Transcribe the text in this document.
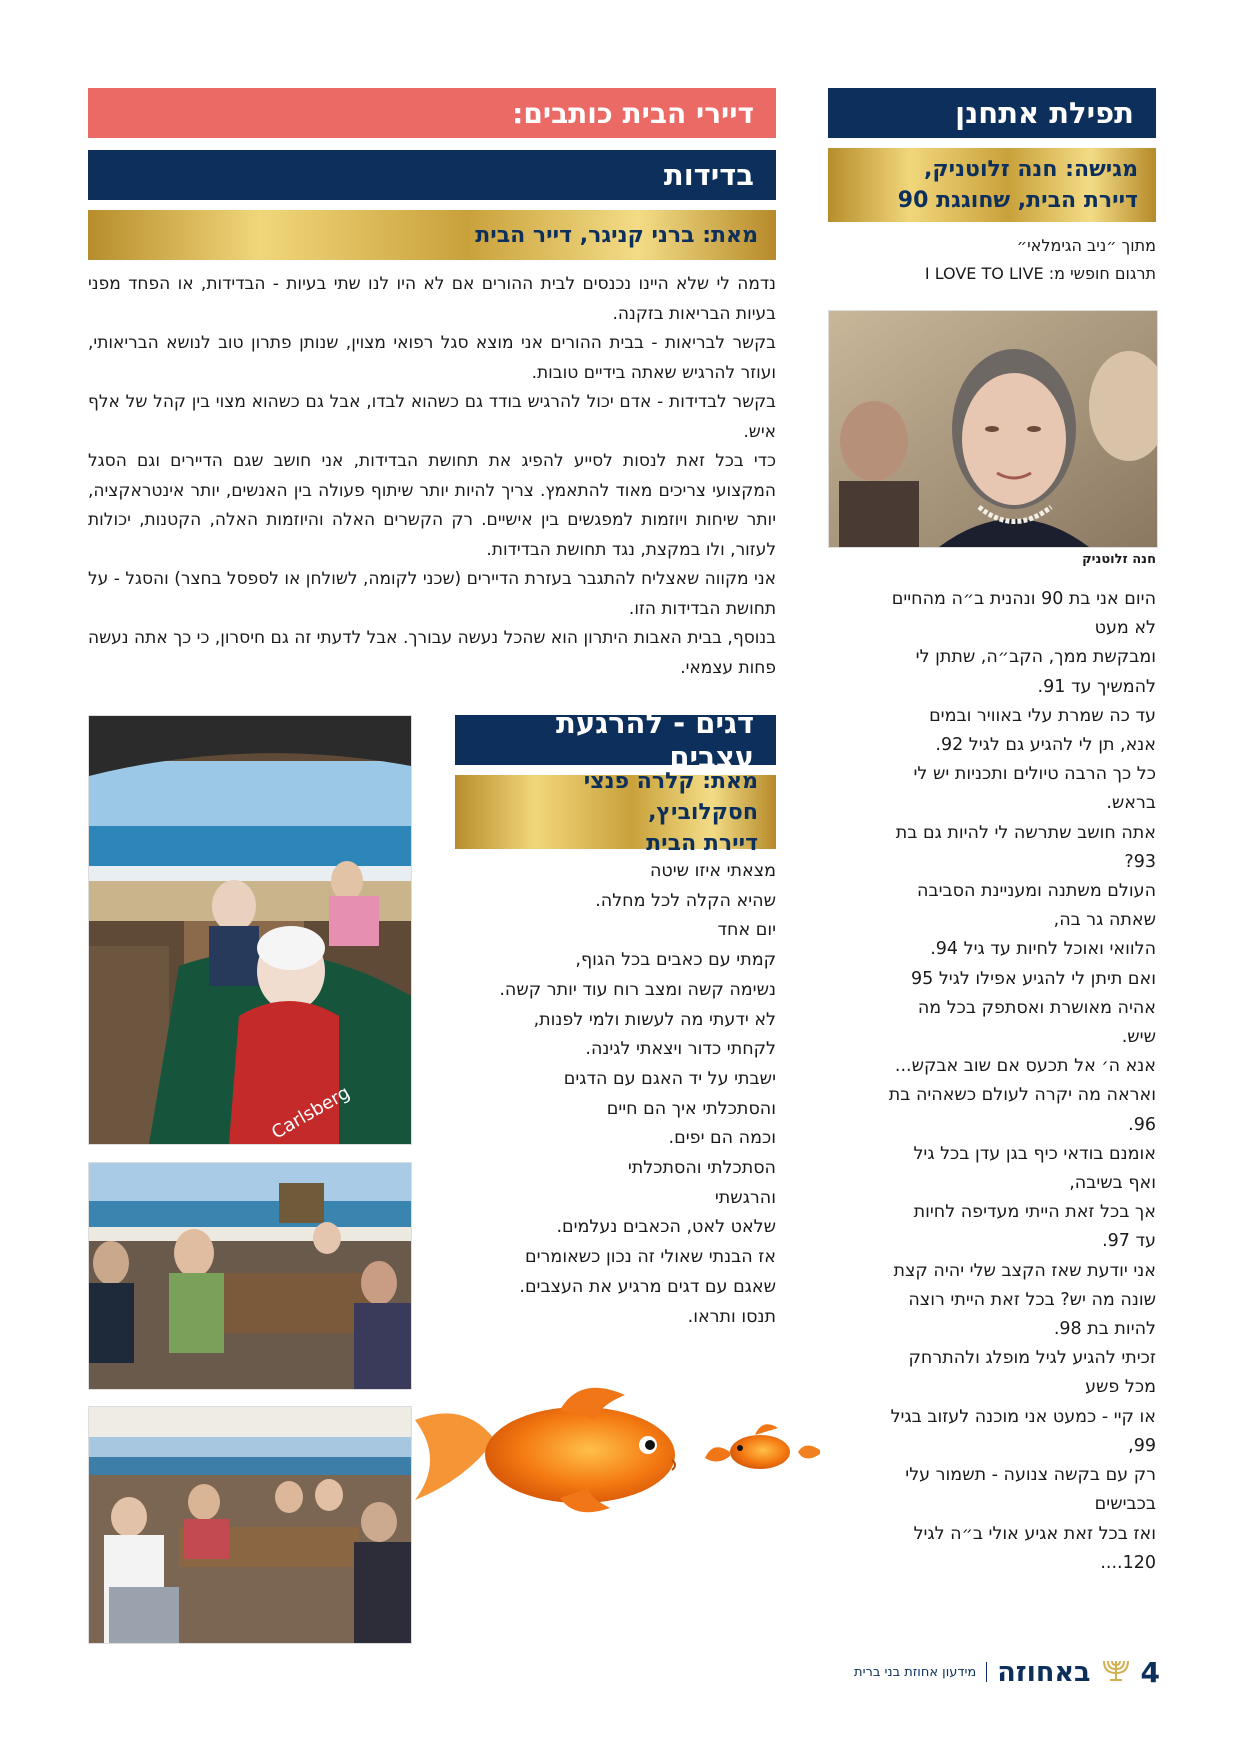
תפילת אתחנן
מגישה: חנה זלוטניק,
דיירת הבית, שחוגגת 90
מתוך ״ניב הגימלאי״
תרגום חופשי מ: I LOVE TO LIVE
חנה זלוטניק
היום אני בת 90 ונהנית ב״ה מהחיים
לא מעט
ומבקשת ממך, הקב״ה, שתתן לי
להמשיך עד 91.
עד כה שמרת עלי באוויר ובמים
אנא, תן לי להגיע גם לגיל 92.
כל כך הרבה טיולים ותכניות יש לי
בראש.
אתה חושב שתרשה לי להיות גם בת
93?
העולם משתנה ומעניינת הסביבה
שאתה גר בה,
הלוואי ואוכל לחיות עד גיל 94.
ואם תיתן לי להגיע אפילו לגיל 95
אהיה מאושרת ואסתפק בכל מה
שיש.
אנא ה׳ אל תכעס אם שוב אבקש...
ואראה מה יקרה לעולם כשאהיה בת
96.
אומנם בודאי כיף בגן עדן בכל גיל
ואף בשיבה,
אך בכל זאת הייתי מעדיפה לחיות
עד 97.
אני יודעת שאז הקצב שלי יהיה קצת
שונה מה יש? בכל זאת הייתי רוצה
להיות בת 98.
זכיתי להגיע לגיל מופלג ולהתרחק
מכל פשע
או קיי - כמעט אני מוכנה לעזוב בגיל
99,
רק עם בקשה צנועה - תשמור עלי
בכבישים
ואז בכל זאת אגיע אולי ב״ה לגיל
120....
דיירי הבית כותבים:
בדידות
מאת: ברני קניגר, דייר הבית

נדמה לי שלא היינו נכנסים לבית ההורים אם לא היו לנו שתי בעיות - הבדידות, או הפחד מפני בעיות הבריאות בזקנה.

בקשר לבריאות - בבית ההורים אני מוצא סגל רפואי מצוין, שנותן פתרון טוב לנושא הבריאותי, ועוזר להרגיש שאתה בידיים טובות.

בקשר לבדידות - אדם יכול להרגיש בודד גם כשהוא לבדו, אבל גם כשהוא מצוי בין קהל של אלף איש.

כדי בכל זאת לנסות לסייע להפיג את תחושת הבדידות, אני חושב שגם הדיירים וגם הסגל המקצועי צריכים מאוד להתאמץ. צריך להיות יותר שיתוף פעולה בין האנשים, יותר אינטראקציה, יותר שיחות ויוזמות למפגשים בין אישיים. רק הקשרים האלה והיוזמות האלה, הקטנות, יכולות לעזור, ולו במקצת, נגד תחושת הבדידות.

אני מקווה שאצליח להתגבר בעזרת הדיירים (שכני לקומה, לשולחן או לספסל בחצר) והסגל - על תחושת הבדידות הזו.

בנוסף, בבית האבות היתרון הוא שהכל נעשה עבורך. אבל לדעתי זה גם חיסרון, כי כך אתה נעשה פחות עצמאי.

Carlsberg
דגים - להרגעת עצבים
מאת: קלרה פנצי חסקלוביץ,
דיירת הבית
מצאתי איזו שיטה
שהיא הקלה לכל מחלה.
יום אחד
קמתי עם כאבים בכל הגוף,
נשימה קשה ומצב רוח עוד יותר קשה.
לא ידעתי מה לעשות ולמי לפנות,
לקחתי כדור ויצאתי לגינה.
ישבתי על יד האגם עם הדגים
והסתכלתי איך הם חיים
וכמה הם יפים.
הסתכלתי והסתכלתי
והרגשתי
שלאט לאט, הכאבים נעלמים.
אז הבנתי שאולי זה נכון כשאומרים
שאגם עם דגים מרגיע את העצבים.
תנסו ותראו.
4
באחוזה
מידעון אחוזת בני ברית
